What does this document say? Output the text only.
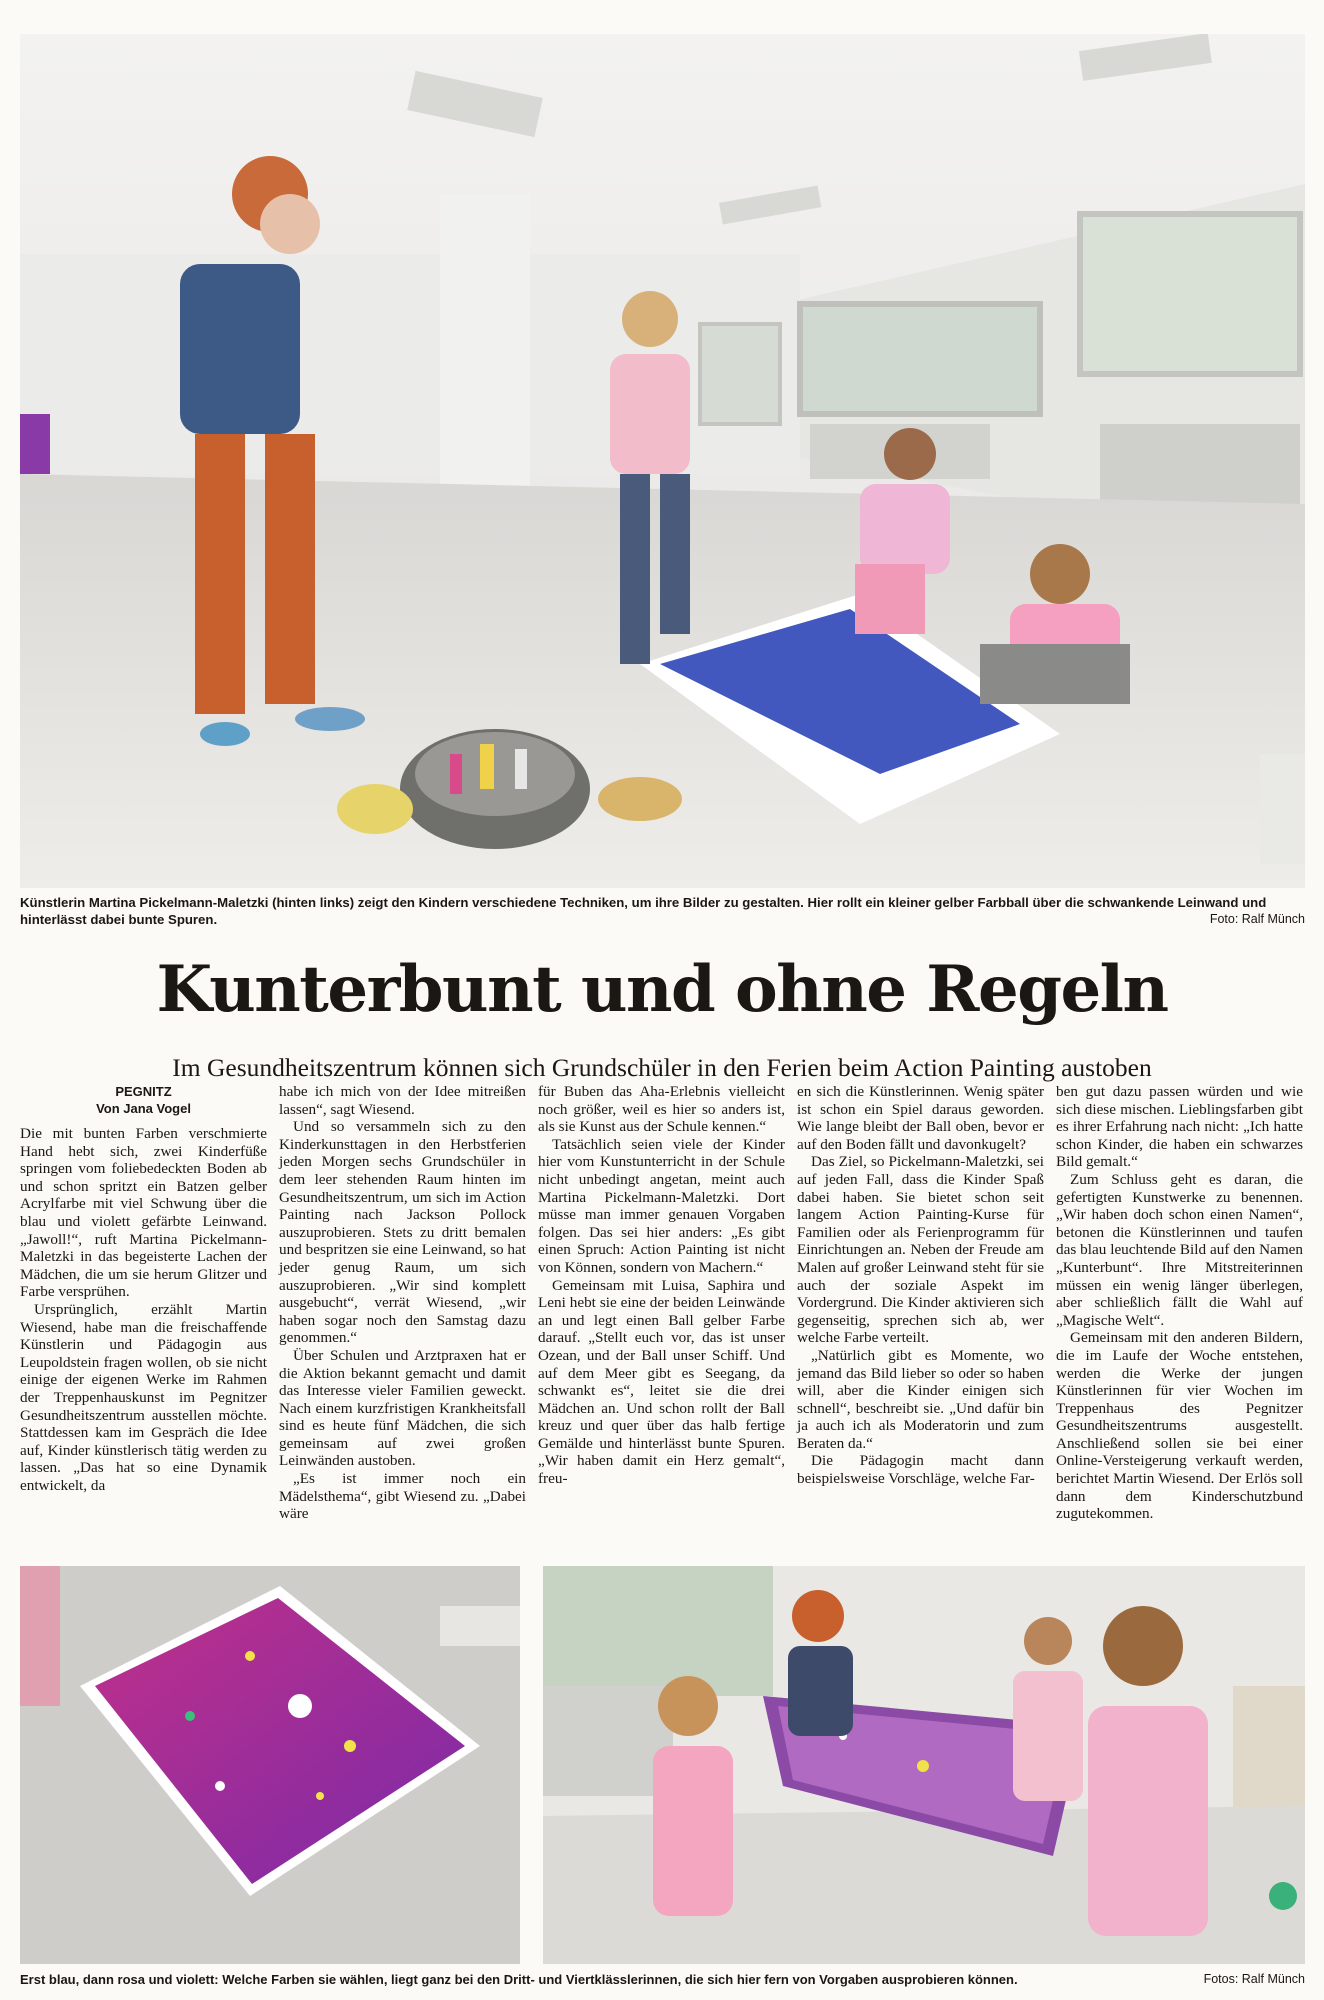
Künstlerin Martina Pickelmann-Maletzki (hinten links) zeigt den Kindern verschiedene Techniken, um ihre Bilder zu gestalten. Hier rollt ein kleiner gelber Farbball über die schwankende Leinwand und hinterlässt dabei bunte Spuren.	Foto: Ralf Münch
Kunterbunt und ohne Regeln
Im Gesundheitszentrum können sich Grundschüler in den Ferien beim Action Painting austoben
PEGNITZ
Von Jana Vogel

Die mit bunten Farben verschmierte Hand hebt sich, zwei Kinderfüße springen vom foliebedeckten Boden ab und schon spritzt ein Batzen gelber Acrylfarbe mit viel Schwung über die blau und violett gefärbte Leinwand. „Jawoll!“, ruft Martina Pickelmann-Maletzki in das begeisterte Lachen der Mädchen, die um sie herum Glitzer und Farbe versprühen.

Ursprünglich, erzählt Martin Wiesend, habe man die freischaffende Künstlerin und Pädagogin aus Leupoldstein fragen wollen, ob sie nicht einige der eigenen Werke im Rahmen der Treppenhauskunst im Pegnitzer Gesundheitszentrum ausstellen möchte. Stattdessen kam im Gespräch die Idee auf, Kinder künstlerisch tätig werden zu lassen. „Das hat so eine Dynamik entwickelt, da

habe ich mich von der Idee mitreißen lassen“, sagt Wiesend.

Und so versammeln sich zu den Kinderkunsttagen in den Herbstferien jeden Morgen sechs Grundschüler in dem leer stehenden Raum hinten im Gesundheitszentrum, um sich im Action Painting nach Jackson Pollock auszuprobieren. Stets zu dritt bemalen und bespritzen sie eine Leinwand, so hat jeder genug Raum, um sich auszuprobieren. „Wir sind komplett ausgebucht“, verrät Wiesend, „wir haben sogar noch den Samstag dazu genommen.“

Über Schulen und Arztpraxen hat er die Aktion bekannt gemacht und damit das Interesse vieler Familien geweckt. Nach einem kurzfristigen Krankheitsfall sind es heute fünf Mädchen, die sich gemeinsam auf zwei großen Leinwänden austoben.

„Es ist immer noch ein Mädelsthema“, gibt Wiesend zu. „Dabei wäre

für Buben das Aha-Erlebnis vielleicht noch größer, weil es hier so anders ist, als sie Kunst aus der Schule kennen.“

Tatsächlich seien viele der Kinder hier vom Kunstunterricht in der Schule nicht unbedingt angetan, meint auch Martina Pickelmann-Maletzki. Dort müsse man immer genauen Vorgaben folgen. Das sei hier anders: „Es gibt einen Spruch: Action Painting ist nicht von Können, sondern von Machern.“

Gemeinsam mit Luisa, Saphira und Leni hebt sie eine der beiden Leinwände an und legt einen Ball gelber Farbe darauf. „Stellt euch vor, das ist unser Ozean, und der Ball unser Schiff. Und auf dem Meer gibt es Seegang, da schwankt es“, leitet sie die drei Mädchen an. Und schon rollt der Ball kreuz und quer über das halb fertige Gemälde und hinterlässt bunte Spuren. „Wir haben damit ein Herz gemalt“, freu-

en sich die Künstlerinnen. Wenig später ist schon ein Spiel daraus geworden. Wie lange bleibt der Ball oben, bevor er auf den Boden fällt und davonkugelt?

Das Ziel, so Pickelmann-Maletzki, sei auf jeden Fall, dass die Kinder Spaß dabei haben. Sie bietet schon seit langem Action Painting-Kurse für Familien oder als Ferienprogramm für Einrichtungen an. Neben der Freude am Malen auf großer Leinwand steht für sie auch der soziale Aspekt im Vordergrund. Die Kinder aktivieren sich gegenseitig, sprechen sich ab, wer welche Farbe verteilt.

„Natürlich gibt es Momente, wo jemand das Bild lieber so oder so haben will, aber die Kinder einigen sich schnell“, beschreibt sie. „Und dafür bin ja auch ich als Moderatorin und zum Beraten da.“

Die Pädagogin macht dann beispielsweise Vorschläge, welche Far-

ben gut dazu passen würden und wie sich diese mischen. Lieblingsfarben gibt es ihrer Erfahrung nach nicht: „Ich hatte schon Kinder, die haben ein schwarzes Bild gemalt.“

Zum Schluss geht es daran, die gefertigten Kunstwerke zu benennen. „Wir haben doch schon einen Namen“, betonen die Künstlerinnen und taufen das blau leuchtende Bild auf den Namen „Kunterbunt“. Ihre Mitstreiterinnen müssen ein wenig länger überlegen, aber schließlich fällt die Wahl auf „Magische Welt“.

Gemeinsam mit den anderen Bildern, die im Laufe der Woche entstehen, werden die Werke der jungen Künstlerinnen für vier Wochen im Treppenhaus des Pegnitzer Gesundheitszentrums ausgestellt. Anschließend sollen sie bei einer Online-Versteigerung verkauft werden, berichtet Martin Wiesend. Der Erlös soll dann dem Kinderschutzbund zugutekommen.

Erst blau, dann rosa und violett: Welche Farben sie wählen, liegt ganz bei den Dritt- und Viertklässlerinnen, die sich hier fern von Vorgaben ausprobieren können.	Fotos: Ralf Münch
